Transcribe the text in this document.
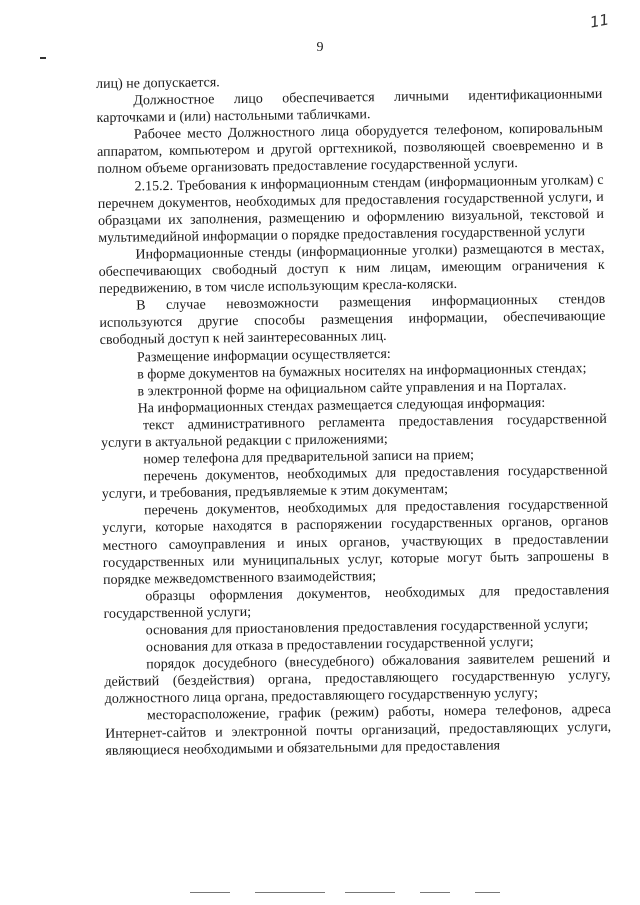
11
9

лиц) не допускается.

Должностное лицо обеспечивается личными идентификационными карточками и (или) настольными табличками.

Рабочее место Должностного лица оборудуется телефоном, копировальным аппаратом, компьютером и другой оргтехникой, позволяющей своевременно и в полном объеме организовать предоставление государственной услуги.

2.15.2. Требования к информационным стендам (информационным уголкам) с перечнем документов, необходимых для предоставления государственной услуги, и образцами их заполнения, размещению и оформлению визуальной, текстовой и мультимедийной информации о порядке предоставления государственной услуги

Информационные стенды (информационные уголки) размещаются в местах, обеспечивающих свободный доступ к ним лицам, имеющим ограничения к передвижению, в том числе использующим кресла-коляски.

В случае невозможности размещения информационных стендов используются другие способы размещения информации, обеспечивающие свободный доступ к ней заинтересованных лиц.

Размещение информации осуществляется:

в форме документов на бумажных носителях на информационных стендах;

в электронной форме на официальном сайте управления и на Порталах.

На информационных стендах размещается следующая информация:

текст административного регламента предоставления государственной услуги в актуальной редакции с приложениями;

номер телефона для предварительной записи на прием;

перечень документов, необходимых для предоставления государственной услуги, и требования, предъявляемые к этим документам;

перечень документов, необходимых для предоставления государственной услуги, которые находятся в распоряжении государственных органов, органов местного самоуправления и иных органов, участвующих в предоставлении государственных или муниципальных услуг, которые могут быть запрошены в порядке межведомственного взаимодействия;

образцы оформления документов, необходимых для предоставления государственной услуги;

основания для приостановления предоставления государственной услуги;

основания для отказа в предоставлении государственной услуги;

порядок досудебного (внесудебного) обжалования заявителем решений и действий (бездействия) органа, предоставляющего государственную услугу, должностного лица органа, предоставляющего государственную услугу;

месторасположение, график (режим) работы, номера телефонов, адреса Интернет-сайтов и электронной почты организаций, предоставляющих услуги, являющиеся необходимыми и обязательными для предоставления
